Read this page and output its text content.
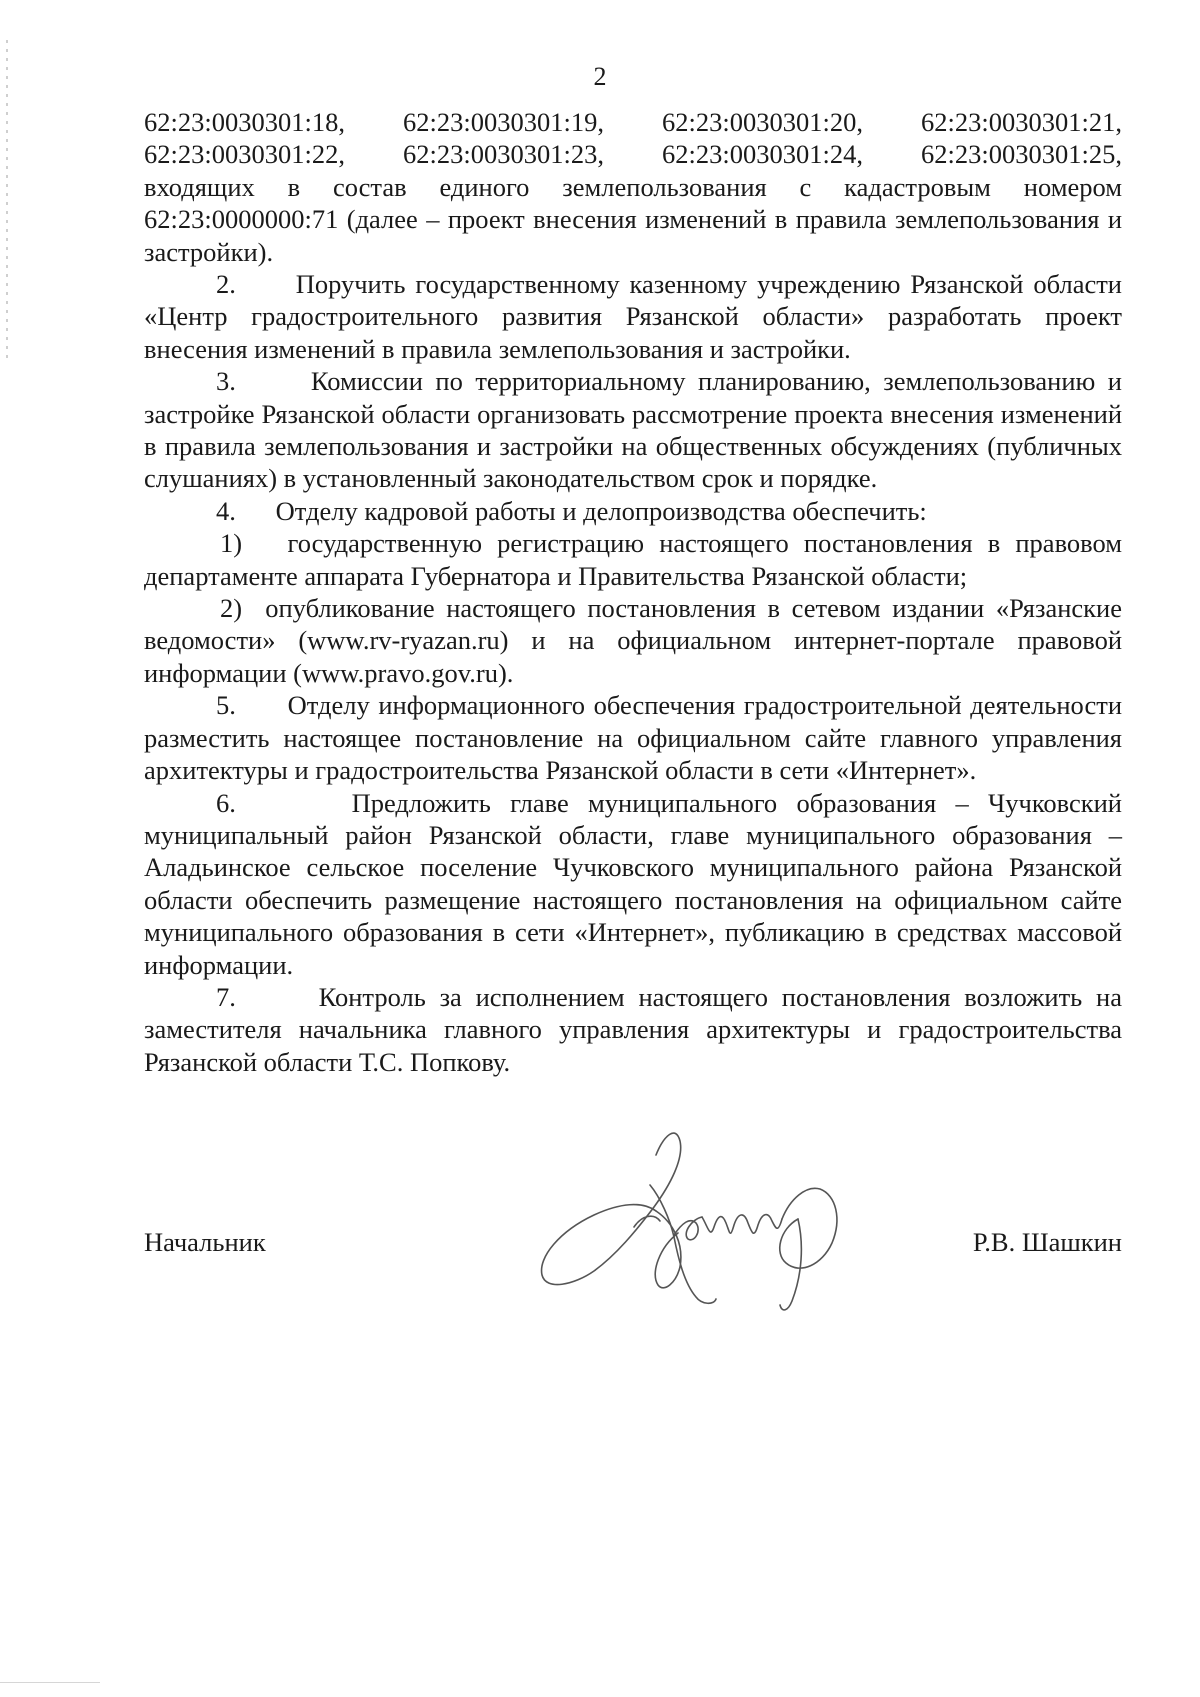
2
62:23:0030301:18, 62:23:0030301:19, 62:23:0030301:20, 62:23:0030301:21,
62:23:0030301:22, 62:23:0030301:23, 62:23:0030301:24, 62:23:0030301:25,

входящих в состав единого землепользования с кадастровым номером 62:23:0000000:71 (далее – проект внесения изменений в правила землепользования и застройки).

2.      Поручить государственному казенному учреждению Рязанской области «Центр градостроительного развития Рязанской области» разработать проект внесения изменений в правила землепользования и застройки.

3.      Комиссии по территориальному планированию, землепользованию и застройке Рязанской области организовать рассмотрение проекта внесения изменений в правила землепользования и застройки на общественных обсуждениях (публичных слушаниях) в установленный законодательством срок и порядке.

4.      Отделу кадровой работы и делопроизводства обеспечить:

1)   государственную регистрацию настоящего постановления в правовом департаменте аппарата Губернатора и Правительства Рязанской области;

2)  опубликование настоящего постановления в сетевом издании «Рязанские ведомости» (www.rv-ryazan.ru) и на официальном интернет-портале правовой информации (www.pravo.gov.ru).

5.      Отделу информационного обеспечения градостроительной деятельности разместить настоящее постановление на официальном сайте главного управления архитектуры и градостроительства Рязанской области в сети «Интернет».

6.      Предложить главе муниципального образования – Чучковский муниципальный район Рязанской области, главе муниципального образования – Аладьинское сельское поселение Чучковского муниципального района Рязанской области обеспечить размещение настоящего постановления на официальном сайте муниципального образования в сети «Интернет», публикацию в средствах массовой информации.

7.      Контроль за исполнением настоящего постановления возложить на заместителя начальника главного управления архитектуры и градостроительства Рязанской области Т.С. Попкову.

Начальник	Р.В. Шашкин
